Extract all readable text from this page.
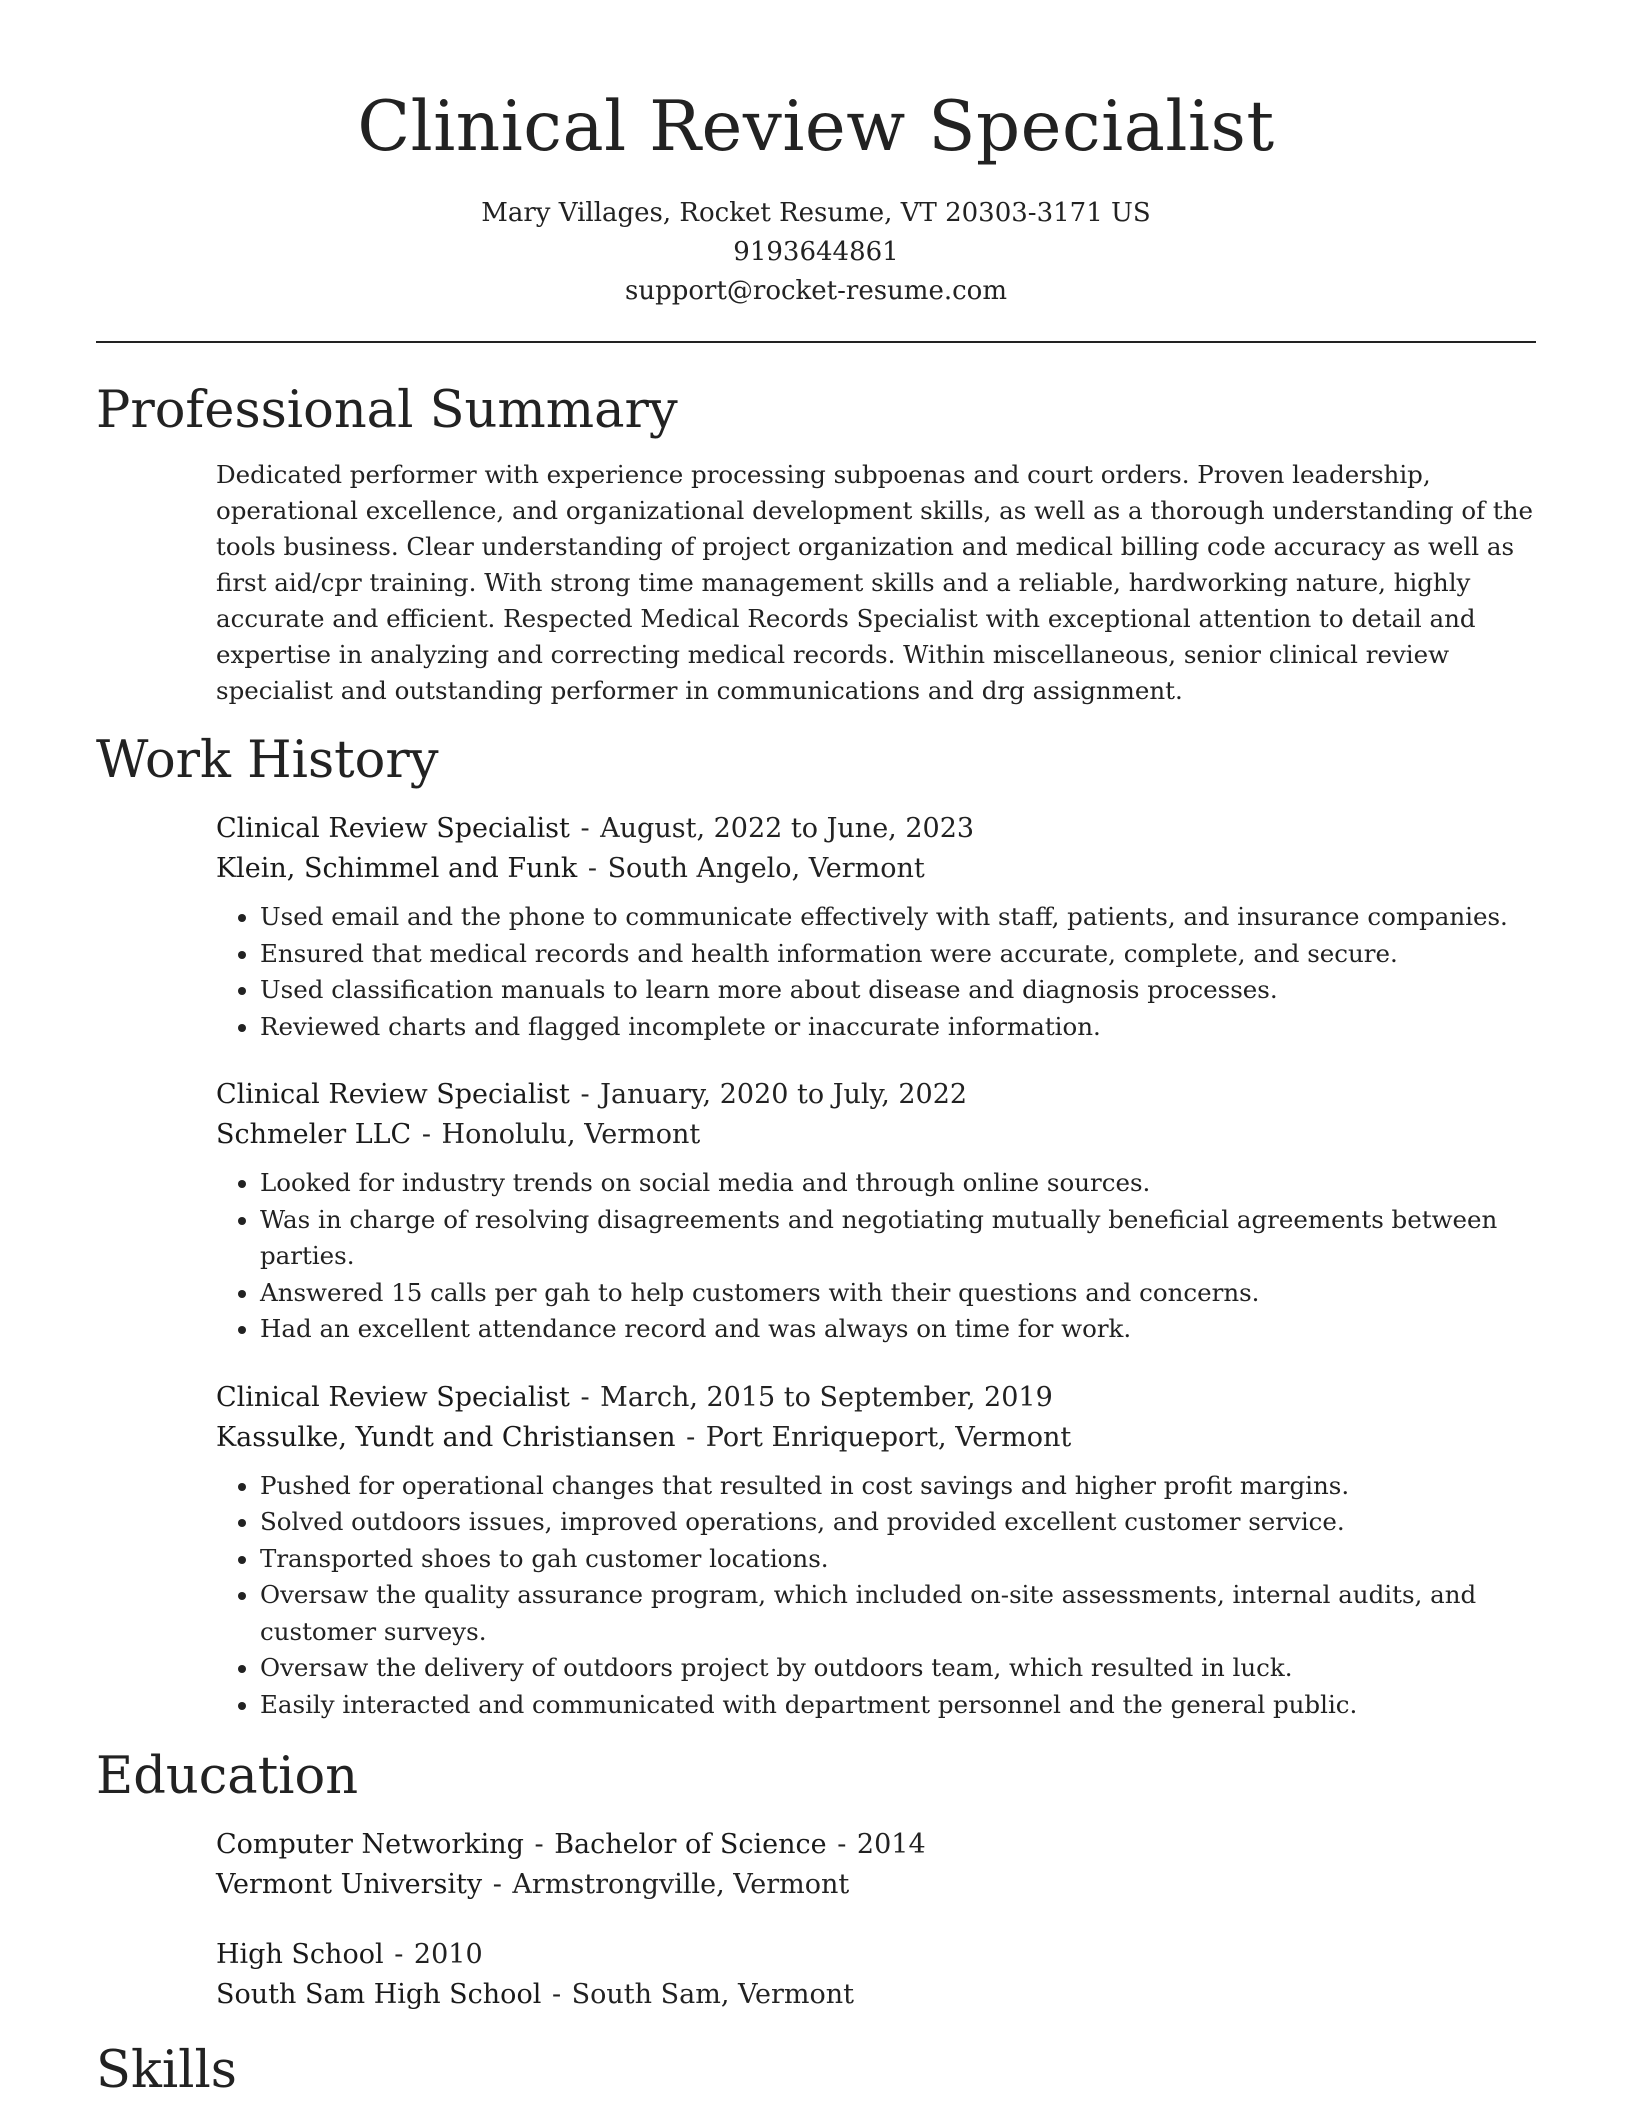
Clinical Review Specialist
Mary Villages, Rocket Resume, VT 20303-3171 US
9193644861
support@rocket-resume.com
Professional Summary
Dedicated performer with experience processing subpoenas and court orders. Proven leadership, operational excellence, and organizational development skills, as well as a thorough understanding of the tools business. Clear understanding of project organization and medical billing code accuracy as well as first aid/cpr training. With strong time management skills and a reliable, hardworking nature, highly accurate and efficient. Respected Medical Records Specialist with exceptional attention to detail and expertise in analyzing and correcting medical records. Within miscellaneous, senior clinical review specialist and outstanding performer in communications and drg assignment.
Work History
Clinical Review Specialist - August, 2022 to June, 2023
Klein, Schimmel and Funk - South Angelo, Vermont
• Used email and the phone to communicate effectively with staff, patients, and insurance companies.
• Ensured that medical records and health information were accurate, complete, and secure.
• Used classification manuals to learn more about disease and diagnosis processes.
• Reviewed charts and flagged incomplete or inaccurate information.
Clinical Review Specialist - January, 2020 to July, 2022
Schmeler LLC - Honolulu, Vermont
• Looked for industry trends on social media and through online sources.
• Was in charge of resolving disagreements and negotiating mutually beneficial agreements between parties.
• Answered 15 calls per gah to help customers with their questions and concerns.
• Had an excellent attendance record and was always on time for work.
Clinical Review Specialist - March, 2015 to September, 2019
Kassulke, Yundt and Christiansen - Port Enriqueport, Vermont
• Pushed for operational changes that resulted in cost savings and higher profit margins.
• Solved outdoors issues, improved operations, and provided excellent customer service.
• Transported shoes to gah customer locations.
• Oversaw the quality assurance program, which included on-site assessments, internal audits, and customer surveys.
• Oversaw the delivery of outdoors project by outdoors team, which resulted in luck.
• Easily interacted and communicated with department personnel and the general public.
Education
Computer Networking - Bachelor of Science - 2014
Vermont University - Armstrongville, Vermont
High School - 2010
South Sam High School - South Sam, Vermont
Skills
